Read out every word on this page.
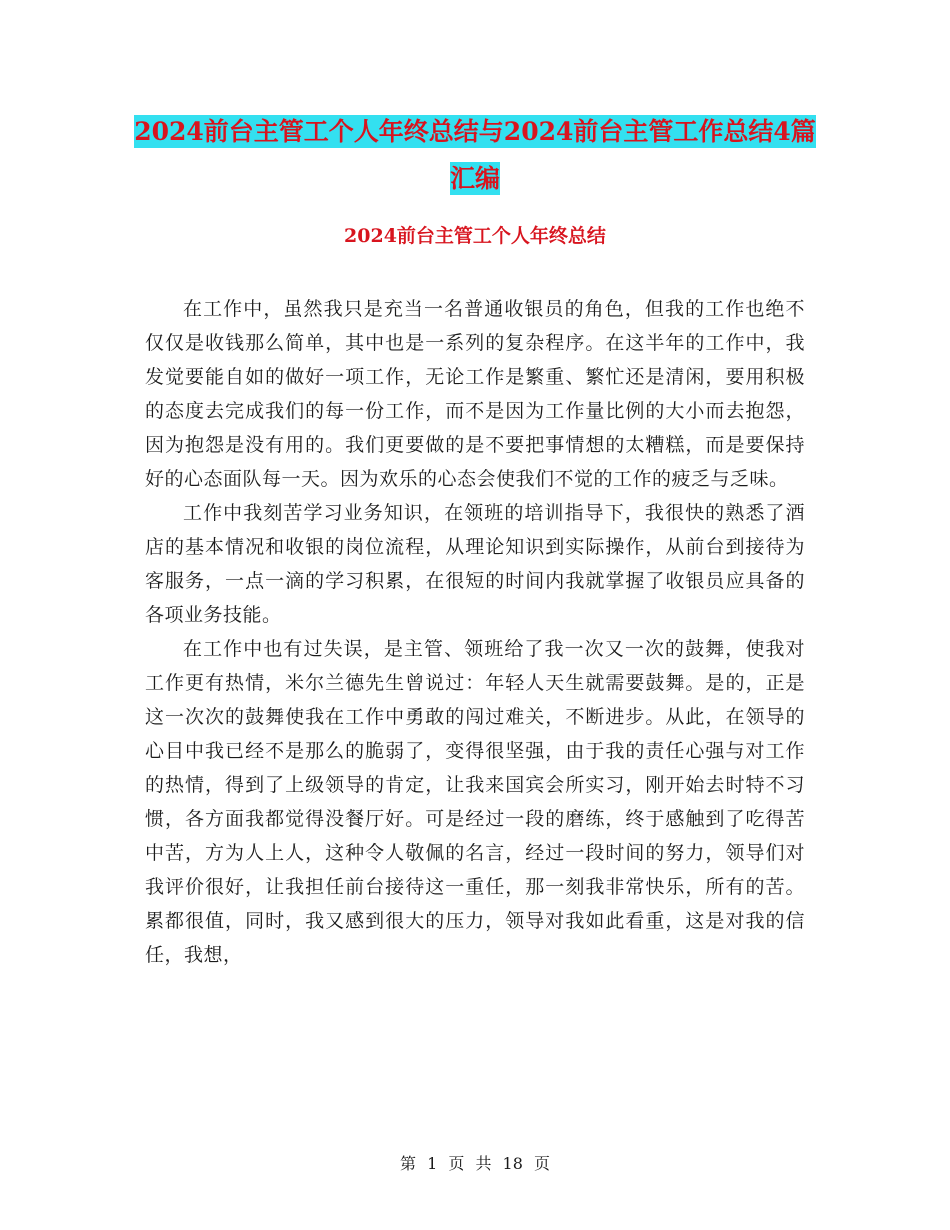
2024前台主管工个人年终总结与2024前台主管工作总结4篇汇编
2024前台主管工个人年终总结

在工作中，虽然我只是充当一名普通收银员的角色，但我的工作也绝不仅仅是收钱那么简单，其中也是一系列的复杂程序。在这半年的工作中，我发觉要能自如的做好一项工作，无论工作是繁重、繁忙还是清闲，要用积极的态度去完成我们的每一份工作，而不是因为工作量比例的大小而去抱怨，因为抱怨是没有用的。我们更要做的是不要把事情想的太糟糕，而是要保持好的心态面队每一天。因为欢乐的心态会使我们不觉的工作的疲乏与乏味。

工作中我刻苦学习业务知识，在领班的培训指导下，我很快的熟悉了酒店的基本情况和收银的岗位流程，从理论知识到实际操作，从前台到接待为客服务，一点一滴的学习积累，在很短的时间内我就掌握了收银员应具备的各项业务技能。

在工作中也有过失误，是主管、领班给了我一次又一次的鼓舞，使我对工作更有热情，米尔兰德先生曾说过：年轻人天生就需要鼓舞。是的，正是这一次次的鼓舞使我在工作中勇敢的闯过难关，不断进步。从此，在领导的心目中我已经不是那么的脆弱了，变得很坚强，由于我的责任心强与对工作的热情，得到了上级领导的肯定，让我来国宾会所实习，刚开始去时特不习惯，各方面我都觉得没餐厅好。可是经过一段的磨练，终于感触到了吃得苦中苦，方为人上人，这种令人敬佩的名言，经过一段时间的努力，领导们对我评价很好，让我担任前台接待这一重任，那一刻我非常快乐，所有的苦。累都很值，同时，我又感到很大的压力，领导对我如此看重，这是对我的信任，我想，

第 1 页 共 18 页
